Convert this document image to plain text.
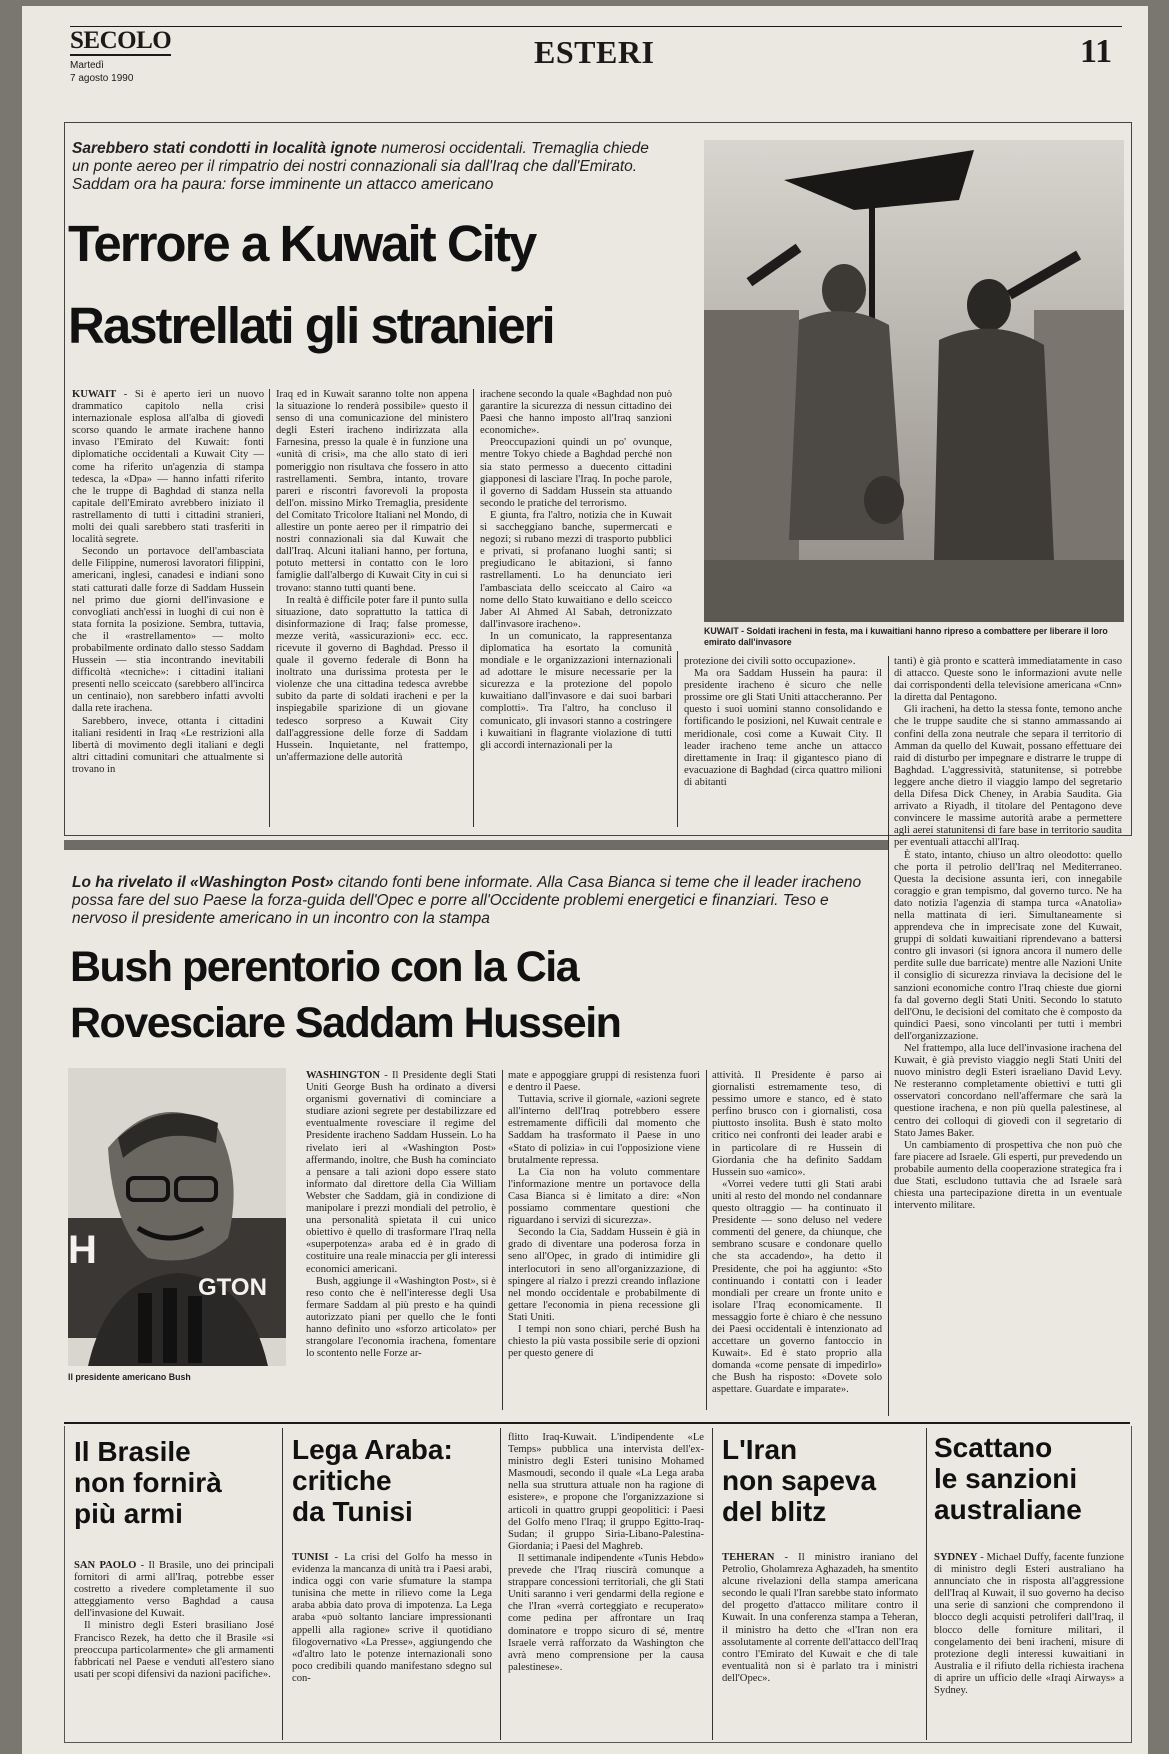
SECOLO
Martedì
7 agosto 1990
ESTERI	11
Sarebbero stati condotti in località ignote numerosi occidentali. Tremaglia chiede un ponte aereo per il rimpatrio dei nostri connazionali sia dall'Iraq che dall'Emirato. Saddam ora ha paura: forse imminente un attacco americano
Terrore a Kuwait City
Rastrellati gli stranieri

KUWAIT - Si è aperto ieri un nuovo drammatico capitolo nella crisi internazionale esplosa all'alba di giovedì scorso quando le armate irachene hanno invaso l'Emirato del Kuwait: fonti diplomatiche occidentali a Kuwait City — come ha riferito un'agenzia di stampa tedesca, la «Dpa» — hanno infatti riferito che le truppe di Baghdad di stanza nella capitale dell'Emirato avrebbero iniziato il rastrellamento di tutti i cittadini stranieri, molti dei quali sarebbero stati trasferiti in località segrete.

Secondo un portavoce dell'ambasciata delle Filippine, numerosi lavoratori filippini, americani, inglesi, canadesi e indiani sono stati catturati dalle forze di Saddam Hussein nel primo due giorni dell'invasione e convogliati anch'essi in luoghi di cui non è stata fornita la posizione. Sembra, tuttavia, che il «rastrellamento» — molto probabilmente ordinato dallo stesso Saddam Hussein — stia incontrando inevitabili difficoltà «tecniche»: i cittadini italiani presenti nello sceiccato (sarebbero all'incirca un centinaio), non sarebbero infatti avvolti dalla rete irachena.

Sarebbero, invece, ottanta i cittadini italiani residenti in Iraq «Le restrizioni alla libertà di movimento degli italiani e degli altri cittadini comunitari che attualmente si trovano in

Iraq ed in Kuwait saranno tolte non appena la situazione lo renderà possibile» questo il senso di una comunicazione del ministero degli Esteri iracheno indirizzata alla Farnesina, presso la quale è in funzione una «unità di crisi», ma che allo stato di ieri pomeriggio non risultava che fossero in atto rastrellamenti. Sembra, intanto, trovare pareri e riscontri favorevoli la proposta dell'on. missino Mirko Tremaglia, presidente del Comitato Tricolore Italiani nel Mondo, di allestire un ponte aereo per il rimpatrio dei nostri connazionali sia dal Kuwait che dall'Iraq. Alcuni italiani hanno, per fortuna, potuto mettersi in contatto con le loro famiglie dall'albergo di Kuwait City in cui si trovano: stanno tutti quanti bene.

In realtà è difficile poter fare il punto sulla situazione, dato soprattutto la tattica di disinformazione di Iraq; false promesse, mezze verità, «assicurazioni» ecc. ecc. ricevute il governo di Baghdad. Presso il quale il governo federale di Bonn ha inoltrato una durissima protesta per le violenze che una cittadina tedesca avrebbe subito da parte di soldati iracheni e per la inspiegabile sparizione di un giovane tedesco sorpreso a Kuwait City dall'aggressione delle forze di Saddam Hussein. Inquietante, nel frattempo, un'affermazione delle autorità

irachene secondo la quale «Baghdad non può garantire la sicurezza di nessun cittadino dei Paesi che hanno imposto all'Iraq sanzioni economiche».

Preoccupazioni quindi un po' ovunque, mentre Tokyo chiede a Baghdad perché non sia stato permesso a duecento cittadini giapponesi di lasciare l'Iraq. In poche parole, il governo di Saddam Hussein sta attuando secondo le pratiche del terrorismo.

E giunta, fra l'altro, notizia che in Kuwait si saccheggiano banche, supermercati e negozi; si rubano mezzi di trasporto pubblici e privati, si profanano luoghi santi; si pregiudicano le abitazioni, si fanno rastrellamenti. Lo ha denunciato ieri l'ambasciata dello sceiccato al Cairo «a nome dello Stato kuwaitiano e dello sceicco Jaber Al Ahmed Al Sabah, detronizzato dall'invasore iracheno».

In un comunicato, la rappresentanza diplomatica ha esortato la comunità mondiale e le organizzazioni internazionali ad adottare le misure necessarie per la sicurezza e la protezione del popolo kuwaitiano dall'invasore e dai suoi barbari complotti». Tra l'altro, ha concluso il comunicato, gli invasori stanno a costringere i kuwaitiani in flagrante violazione di tutti gli accordi internazionali per la

protezione dei civili sotto occupazione».

Ma ora Saddam Hussein ha paura: il presidente iracheno è sicuro che nelle prossime ore gli Stati Uniti attaccheranno. Per questo i suoi uomini stanno consolidando e fortificando le posizioni, nel Kuwait centrale e meridionale, così come a Kuwait City. Il leader iracheno teme anche un attacco direttamente in Iraq: il gigantesco piano di evacuazione di Baghdad (circa quattro milioni di abitanti

KUWAIT - Soldati iracheni in festa, ma i kuwaitiani hanno ripreso a combattere per liberare il loro emirato dall'invasore

tanti) è già pronto e scatterà immediatamente in caso di attacco. Queste sono le informazioni avute nelle dai corrispondenti della televisione americana «Cnn» la diretta dal Pentagono.

Gli iracheni, ha detto la stessa fonte, temono anche che le truppe saudite che si stanno ammassando ai confini della zona neutrale che separa il territorio di Amman da quello del Kuwait, possano effettuare dei raid di disturbo per impegnare e distrarre le truppe di Baghdad. L'aggressività, statunitense, si potrebbe leggere anche dietro il viaggio lampo del segretario della Difesa Dick Cheney, in Arabia Saudita. Gia arrivato a Riyadh, il titolare del Pentagono deve convincere le massime autorità arabe a permettere agli aerei statunitensi di fare base in territorio saudita per eventuali attacchi all'Iraq.

È stato, intanto, chiuso un altro oleodotto: quello che porta il petrolio dell'Iraq nel Mediterraneo. Questa la decisione assunta ieri, con innegabile coraggio e gran tempismo, dal governo turco. Ne ha dato notizia l'agenzia di stampa turca «Anatolia» nella mattinata di ieri. Simultaneamente si apprendeva che in imprecisate zone del Kuwait, gruppi di soldati kuwaitiani riprendevano a battersi contro gli invasori (si ignora ancora il numero delle perdite sulle due barricate) mentre alle Nazioni Unite il consiglio di sicurezza rinviava la decisione del le sanzioni economiche contro l'Iraq chieste due giorni fa dal governo degli Stati Uniti. Secondo lo statuto dell'Onu, le decisioni del comitato che è composto da quindici Paesi, sono vincolanti per tutti i membri dell'organizzazione.

Nel frattempo, alla luce dell'invasione irachena del Kuwait, è già previsto viaggio negli Stati Uniti del nuovo ministro degli Esteri israeliano David Levy. Ne resteranno completamente obiettivi e tutti gli osservatori concordano nell'affermare che sarà la questione irachena, e non più quella palestinese, al centro dei colloqui di giovedì con il segretario di Stato James Baker.

Un cambiamento di prospettiva che non può che fare piacere ad Israele. Gli esperti, pur prevedendo un probabile aumento della cooperazione strategica fra i due Stati, escludono tuttavia che ad Israele sarà chiesta una partecipazione diretta in un eventuale intervento militare.

Lo ha rivelato il «Washington Post» citando fonti bene informate. Alla Casa Bianca si teme che il leader iracheno possa fare del suo Paese la forza-guida dell'Opec e porre all'Occidente problemi energetici e finanziari. Teso e nervoso il presidente americano in un incontro con la stampa
Bush perentorio con la Cia
Rovesciare Saddam Hussein
H
GTON
Il presidente americano Bush

WASHINGTON - Il Presidente degli Stati Uniti George Bush ha ordinato a diversi organismi governativi di cominciare a studiare azioni segrete per destabilizzare ed eventualmente rovesciare il regime del Presidente iracheno Saddam Hussein. Lo ha rivelato ieri al «Washington Post» affermando, inoltre, che Bush ha cominciato a pensare a tali azioni dopo essere stato informato dal direttore della Cia William Webster che Saddam, già in condizione di manipolare i prezzi mondiali del petrolio, è una personalità spietata il cui unico obiettivo è quello di trasformare l'Iraq nella «superpotenza» araba ed è in grado di costituire una reale minaccia per gli interessi economici americani.

Bush, aggiunge il «Washington Post», si è reso conto che è nell'interesse degli Usa fermare Saddam al più presto e ha quindi autorizzato piani per quello che le fonti hanno definito uno «sforzo articolato» per strangolare l'economia irachena, fomentare lo scontento nelle Forze ar-

mate e appoggiare gruppi di resistenza fuori e dentro il Paese.

Tuttavia, scrive il giornale, «azioni segrete all'interno dell'Iraq potrebbero essere estremamente difficili dal momento che Saddam ha trasformato il Paese in uno «Stato di polizia» in cui l'opposizione viene brutalmente repressa.

La Cia non ha voluto commentare l'informazione mentre un portavoce della Casa Bianca si è limitato a dire: «Non possiamo commentare questioni che riguardano i servizi di sicurezza».

Secondo la Cia, Saddam Hussein è già in grado di diventare una poderosa forza in seno all'Opec, in grado di intimidire gli interlocutori in seno all'organizzazione, di spingere al rialzo i prezzi creando inflazione nel mondo occidentale e probabilmente di gettare l'economia in piena recessione gli Stati Uniti.

I tempi non sono chiari, perché Bush ha chiesto la più vasta possibile serie di opzioni per questo genere di

attività. Il Presidente è parso ai giornalisti estremamente teso, di pessimo umore e stanco, ed è stato perfino brusco con i giornalisti, cosa piuttosto insolita. Bush è stato molto critico nei confronti dei leader arabi e in particolare di re Hussein di Giordania che ha definito Saddam Hussein suo «amico».

«Vorrei vedere tutti gli Stati arabi uniti al resto del mondo nel condannare questo oltraggio — ha continuato il Presidente — sono deluso nel vedere commenti del genere, da chiunque, che sembrano scusare e condonare quello che sta accadendo», ha detto il Presidente, che poi ha aggiunto: «Sto continuando i contatti con i leader mondiali per creare un fronte unito e isolare l'Iraq economicamente. Il messaggio forte è chiaro è che nessuno dei Paesi occidentali è intenzionato ad accettare un governo fantoccio in Kuwait». Ed è stato proprio alla domanda «come pensate di impedirlo» che Bush ha risposto: «Dovete solo aspettare. Guardate e imparate».

Il Brasile
non fornirà
più armi

SAN PAOLO - Il Brasile, uno dei principali fornitori di armi all'Iraq, potrebbe esser costretto a rivedere completamente il suo atteggiamento verso Baghdad a causa dell'invasione del Kuwait.

Il ministro degli Esteri brasiliano José Francisco Rezek, ha detto che il Brasile «si preoccupa particolarmente» che gli armamenti fabbricati nel Paese e venduti all'estero siano usati per scopi difensivi da nazioni pacifiche».

Lega Araba:
critiche
da Tunisi

TUNISI - La crisi del Golfo ha messo in evidenza la mancanza di unità tra i Paesi arabi, indica oggi con varie sfumature la stampa tunisina che mette in rilievo come la Lega araba abbia dato prova di impotenza. La Lega araba «può soltanto lanciare impressionanti appelli alla ragione» scrive il quotidiano filogovernativo «La Presse», aggiungendo che «d'altro lato le potenze internazionali sono poco credibili quando manifestano sdegno sul con-

flitto Iraq-Kuwait. L'indipendente «Le Temps» pubblica una intervista dell'ex-ministro degli Esteri tunisino Mohamed Masmoudi, secondo il quale «La Lega araba nella sua struttura attuale non ha ragione di esistere», e propone che l'organizzazione si articoli in quattro gruppi geopolitici: i Paesi del Golfo meno l'Iraq; il gruppo Egitto-Iraq-Sudan; il gruppo Siria-Libano-Palestina-Giordania; i Paesi del Maghreb.

Il settimanale indipendente «Tunis Hebdo» prevede che l'Iraq riuscirà comunque a strappare concessioni territoriali, che gli Stati Uniti saranno i veri gendarmi della regione e che l'Iran «verrà corteggiato e recuperato» come pedina per affrontare un Iraq dominatore e troppo sicuro di sé, mentre Israele verrà rafforzato da Washington che avrà meno comprensione per la causa palestinese».

L'Iran
non sapeva
del blitz

TEHERAN - Il ministro iraniano del Petrolio, Gholamreza Aghazadeh, ha smentito alcune rivelazioni della stampa americana secondo le quali l'Iran sarebbe stato informato del progetto d'attacco militare contro il Kuwait. In una conferenza stampa a Teheran, il ministro ha detto che «l'Iran non era assolutamente al corrente dell'attacco dell'Iraq contro l'Emirato del Kuwait e che di tale eventualità non si è parlato tra i ministri dell'Opec».

Scattano
le sanzioni
australiane

SYDNEY - Michael Duffy, facente funzione di ministro degli Esteri australiano ha annunciato che in risposta all'aggressione dell'Iraq al Kuwait, il suo governo ha deciso una serie di sanzioni che comprendono il blocco degli acquisti petroliferi dall'Iraq, il blocco delle forniture militari, il congelamento dei beni iracheni, misure di protezione degli interessi kuwaitiani in Australia e il rifiuto della richiesta irachena di aprire un ufficio delle «Iraqi Airways» a Sydney.
